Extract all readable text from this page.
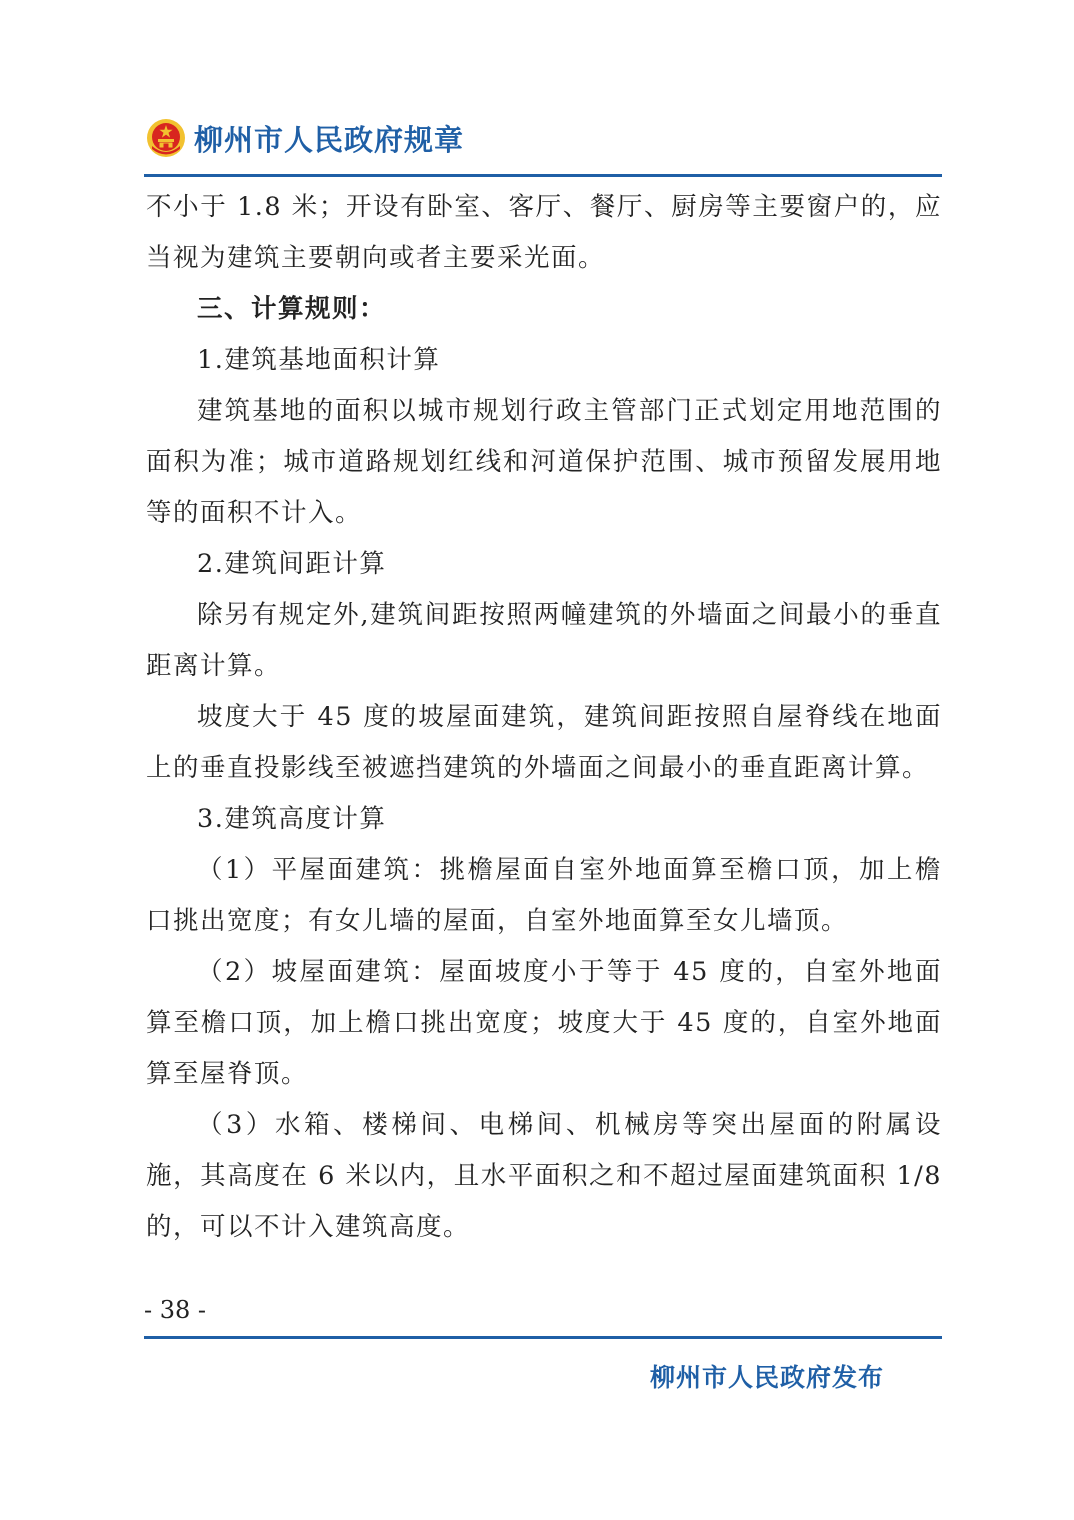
柳州市人民政府规章

不小于 1.8 米；开设有卧室、客厅、餐厅、厨房等主要窗户的，应当视为建筑主要朝向或者主要采光面。

三、计算规则：

1.建筑基地面积计算

建筑基地的面积以城市规划行政主管部门正式划定用地范围的面积为准；城市道路规划红线和河道保护范围、城市预留发展用地等的面积不计入。

2.建筑间距计算

除另有规定外,建筑间距按照两幢建筑的外墙面之间最小的垂直距离计算。

坡度大于 45 度的坡屋面建筑，建筑间距按照自屋脊线在地面上的垂直投影线至被遮挡建筑的外墙面之间最小的垂直距离计算。

3.建筑高度计算

（1）平屋面建筑：挑檐屋面自室外地面算至檐口顶，加上檐口挑出宽度；有女儿墙的屋面，自室外地面算至女儿墙顶。

（2）坡屋面建筑：屋面坡度小于等于 45 度的，自室外地面算至檐口顶，加上檐口挑出宽度；坡度大于 45 度的，自室外地面算至屋脊顶。

（3）水箱、楼梯间、电梯间、机械房等突出屋面的附属设施，其高度在 6 米以内，且水平面积之和不超过屋面建筑面积 1/8 的，可以不计入建筑高度。

- 38 -
柳州市人民政府发布
